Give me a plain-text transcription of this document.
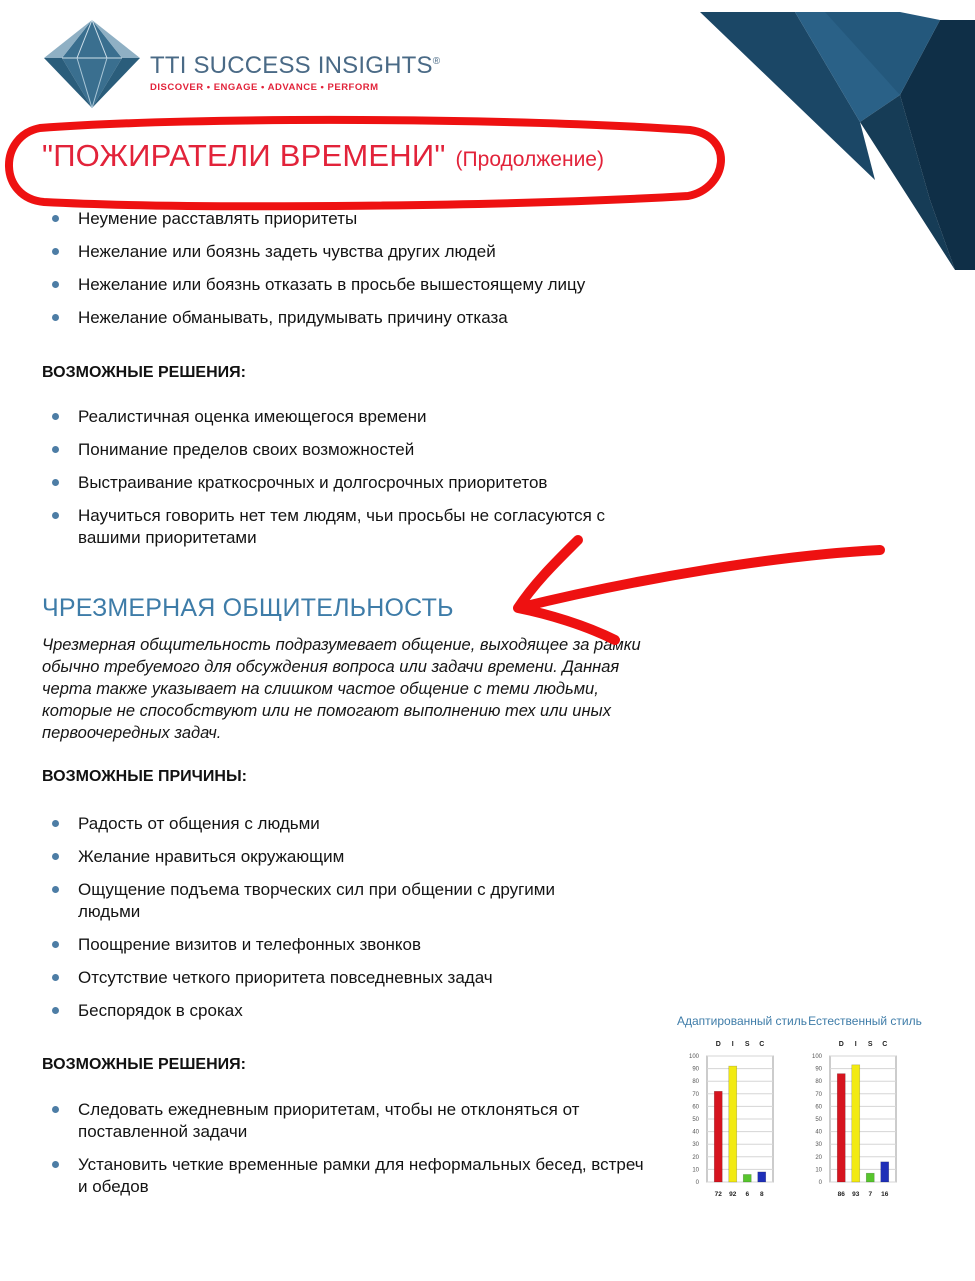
TTI SUCCESS INSIGHTS®
DISCOVER • ENGAGE • ADVANCE • PERFORM
"ПОЖИРАТЕЛИ ВРЕМЕНИ" (Продолжение)
Неумение расставлять приоритеты
Нежелание или боязнь задеть чувства других людей
Нежелание или боязнь отказать в просьбе вышестоящему лицу
Нежелание обманывать, придумывать причину отказа
ВОЗМОЖНЫЕ РЕШЕНИЯ:
Реалистичная оценка имеющегося времени
Понимание пределов своих возможностей
Выстраивание краткосрочных и долгосрочных приоритетов
Научиться говорить нет тем людям, чьи просьбы не согласуются с вашими приоритетами
ЧРЕЗМЕРНАЯ ОБЩИТЕЛЬНОСТЬ
Чрезмерная общительность подразумевает общение, выходящее за рамки обычно требуемого для обсуждения вопроса или задачи времени. Данная черта также указывает на слишком частое общение с теми людьми, которые не способствуют или не помогают выполнению тех или иных первоочередных задач.
ВОЗМОЖНЫЕ ПРИЧИНЫ:
Радость от общения с людьми
Желание нравиться окружающим
Ощущение подъема творческих сил при общении с другими людьми
Поощрение визитов и телефонных звонков
Отсутствие четкого приоритета повседневных задач
Беспорядок в сроках
ВОЗМОЖНЫЕ РЕШЕНИЯ:
Следовать ежедневным приоритетам, чтобы не отклоняться от поставленной задачи
Установить четкие временные рамки для неформальных бесед, встреч и обедов
Адаптированный стиль
0
10
20
30
40
50
60
70
80
90
100
D
72
I
92
S
6
C
8
Естественный стиль
0
10
20
30
40
50
60
70
80
90
100
D
86
I
93
S
7
C
16
